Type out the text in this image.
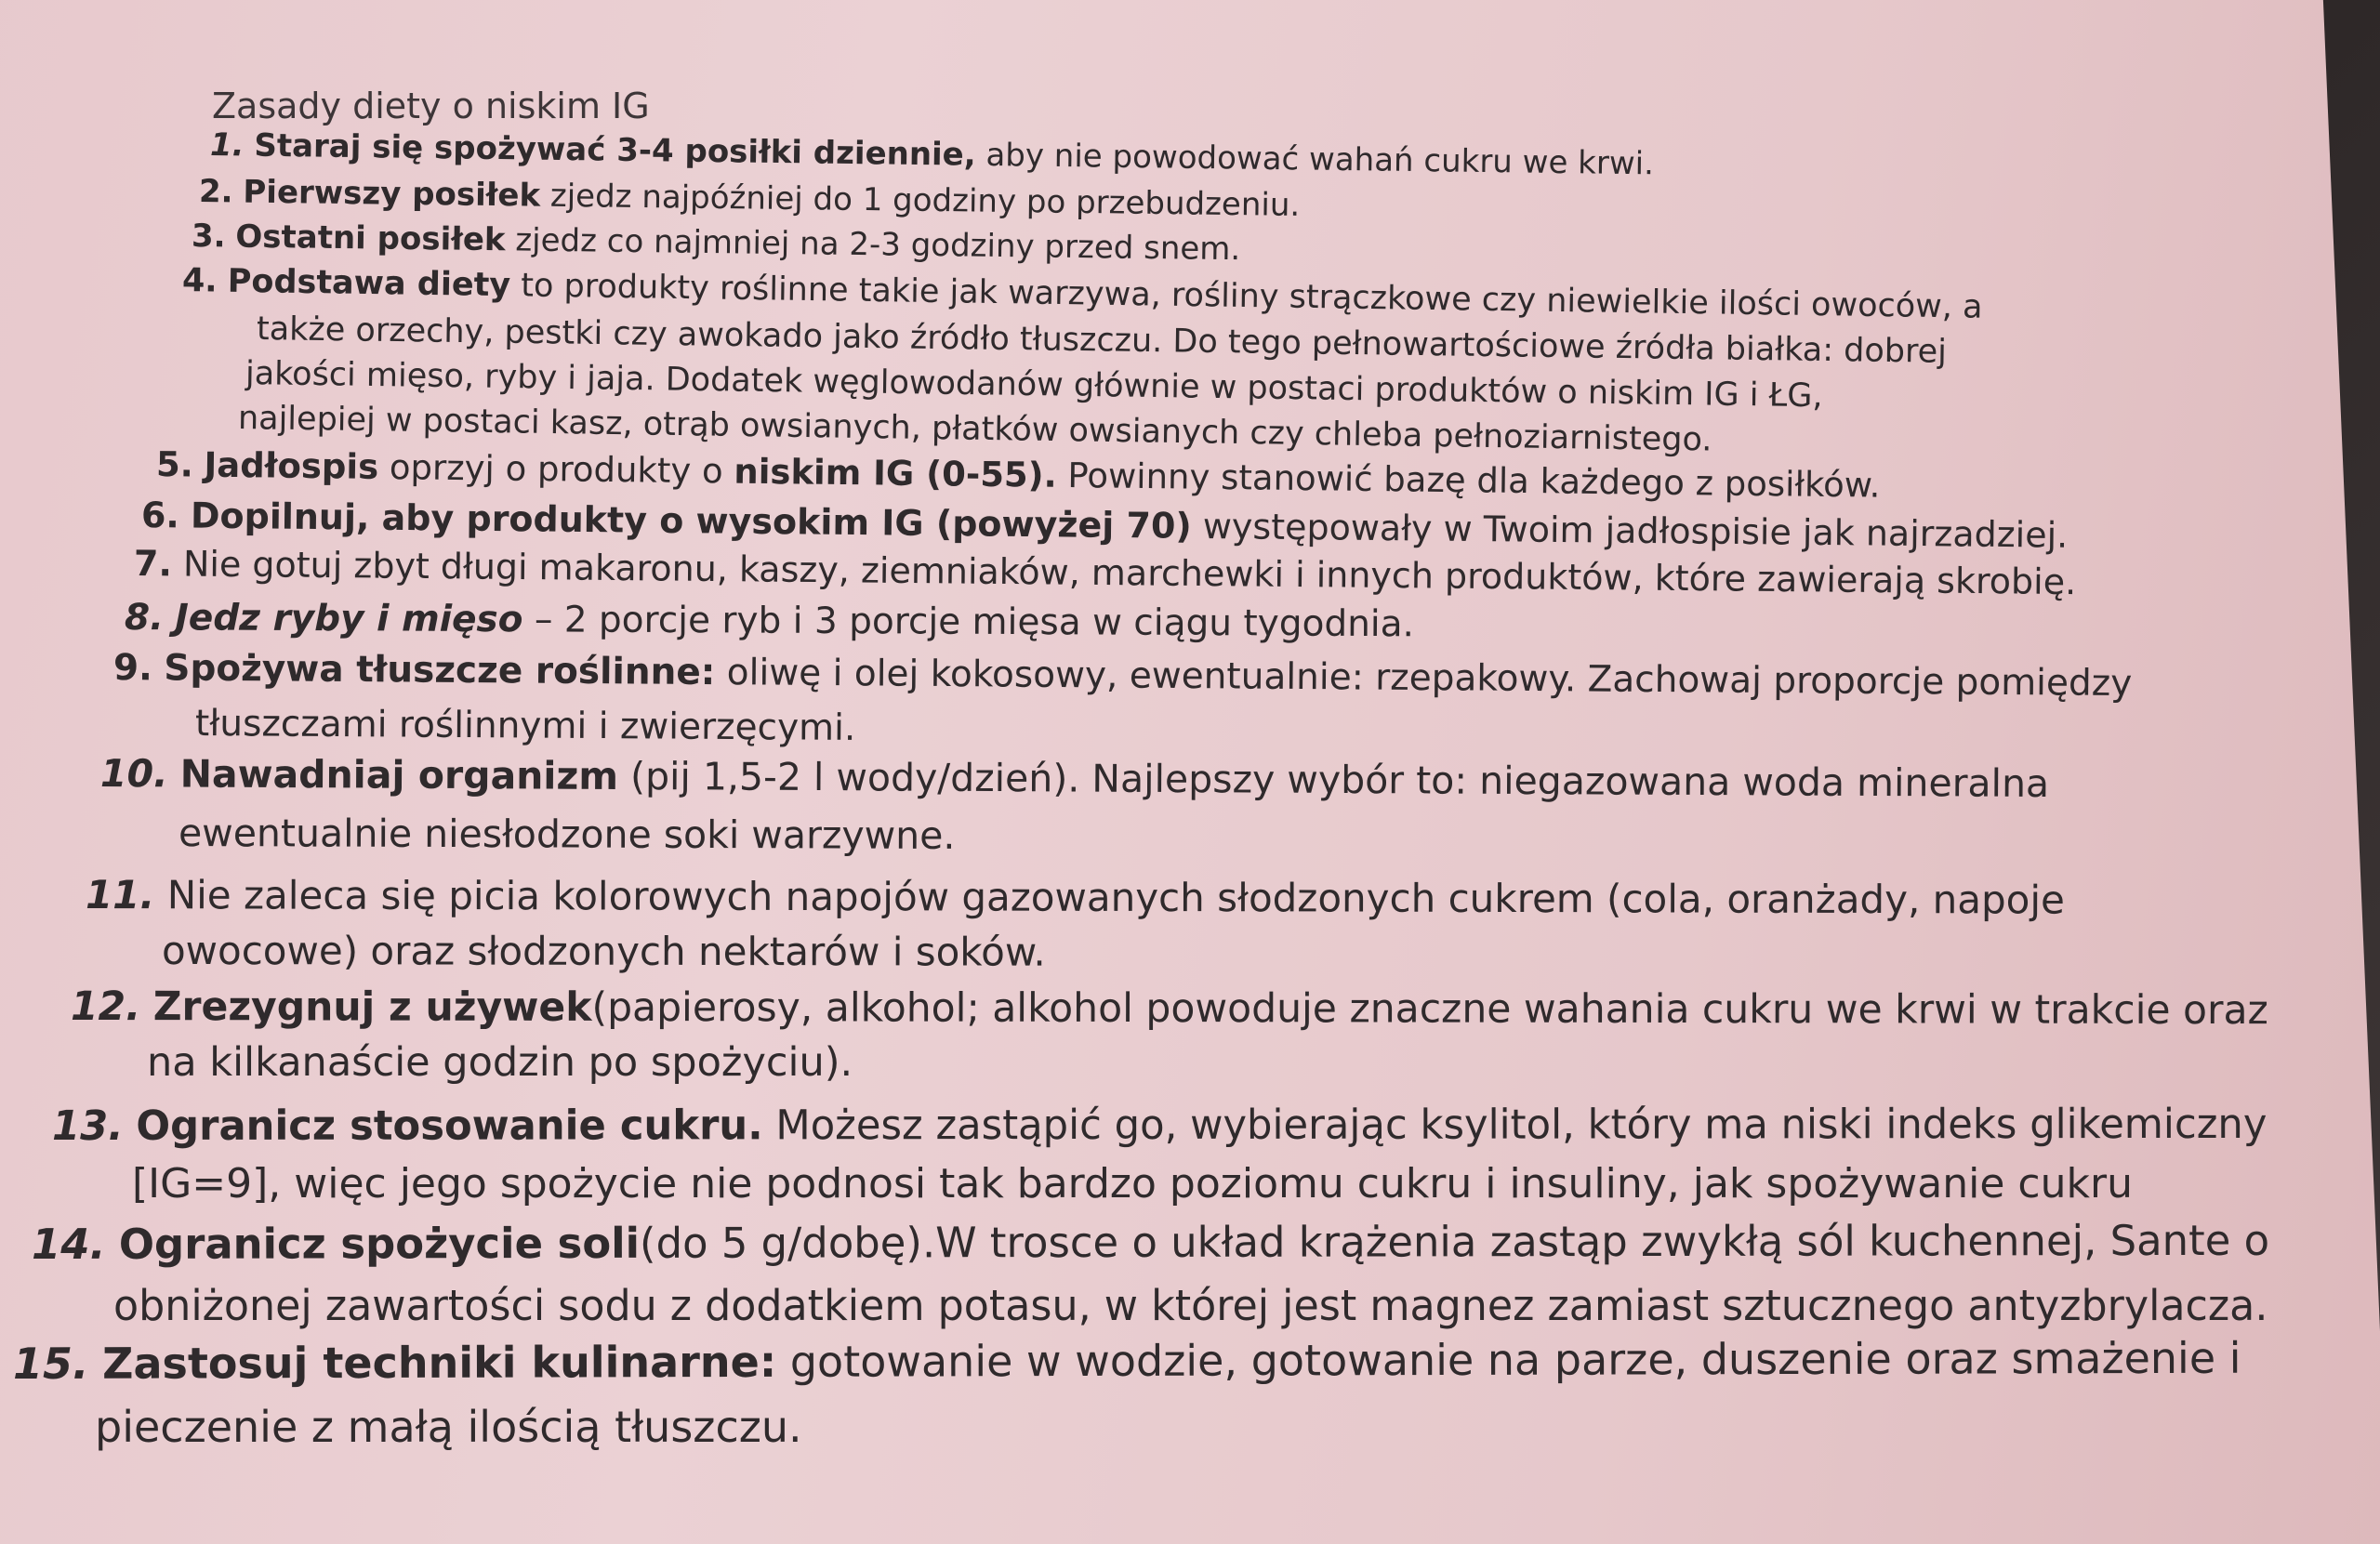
Zasady diety o niskim IG
1. Staraj się spożywać 3-4 posiłki dziennie, aby nie powodować wahań cukru we krwi.
2. Pierwszy posiłek zjedz najpóźniej do 1 godziny po przebudzeniu.
3. Ostatni posiłek zjedz co najmniej na 2-3 godziny przed snem.
4. Podstawa diety to produkty roślinne takie jak warzywa, rośliny strączkowe czy niewielkie ilości owoców, a
także orzechy, pestki czy awokado jako źródło tłuszczu. Do tego pełnowartościowe źródła białka: dobrej
jakości mięso, ryby i jaja. Dodatek węglowodanów głównie w postaci produktów o niskim IG i ŁG,
najlepiej w postaci kasz, otrąb owsianych, płatków owsianych czy chleba pełnoziarnistego.
5. Jadłospis oprzyj o produkty o niskim IG (0-55). Powinny stanowić bazę dla każdego z posiłków.
6. Dopilnuj, aby produkty o wysokim IG (powyżej 70) występowały w Twoim jadłospisie jak najrzadziej.
7. Nie gotuj zbyt długi makaronu, kaszy, ziemniaków, marchewki i innych produktów, które zawierają skrobię.
8. Jedz ryby i mięso – 2 porcje ryb i 3 porcje mięsa w ciągu tygodnia.
9. Spożywa tłuszcze roślinne: oliwę i olej kokosowy, ewentualnie: rzepakowy. Zachowaj proporcje pomiędzy
tłuszczami roślinnymi i zwierzęcymi.
10. Nawadniaj organizm (pij 1,5-2 l wody/dzień). Najlepszy wybór to: niegazowana woda mineralna
ewentualnie niesłodzone soki warzywne.
11. Nie zaleca się picia kolorowych napojów gazowanych słodzonych cukrem (cola, oranżady, napoje
owocowe) oraz słodzonych nektarów i soków.
12. Zrezygnuj z używek(papierosy, alkohol; alkohol powoduje znaczne wahania cukru we krwi w trakcie oraz
na kilkanaście godzin po spożyciu).
13. Ogranicz stosowanie cukru. Możesz zastąpić go, wybierając ksylitol, który ma niski indeks glikemiczny
[IG=9], więc jego spożycie nie podnosi tak bardzo poziomu cukru i insuliny, jak spożywanie cukru
14. Ogranicz spożycie soli(do 5 g/dobę).W trosce o układ krążenia zastąp zwykłą sól kuchennej, Sante o
obniżonej zawartości sodu z dodatkiem potasu, w której jest magnez zamiast sztucznego antyzbrylacza.
15. Zastosuj techniki kulinarne: gotowanie w wodzie, gotowanie na parze, duszenie oraz smażenie i
pieczenie z małą ilością tłuszczu.
